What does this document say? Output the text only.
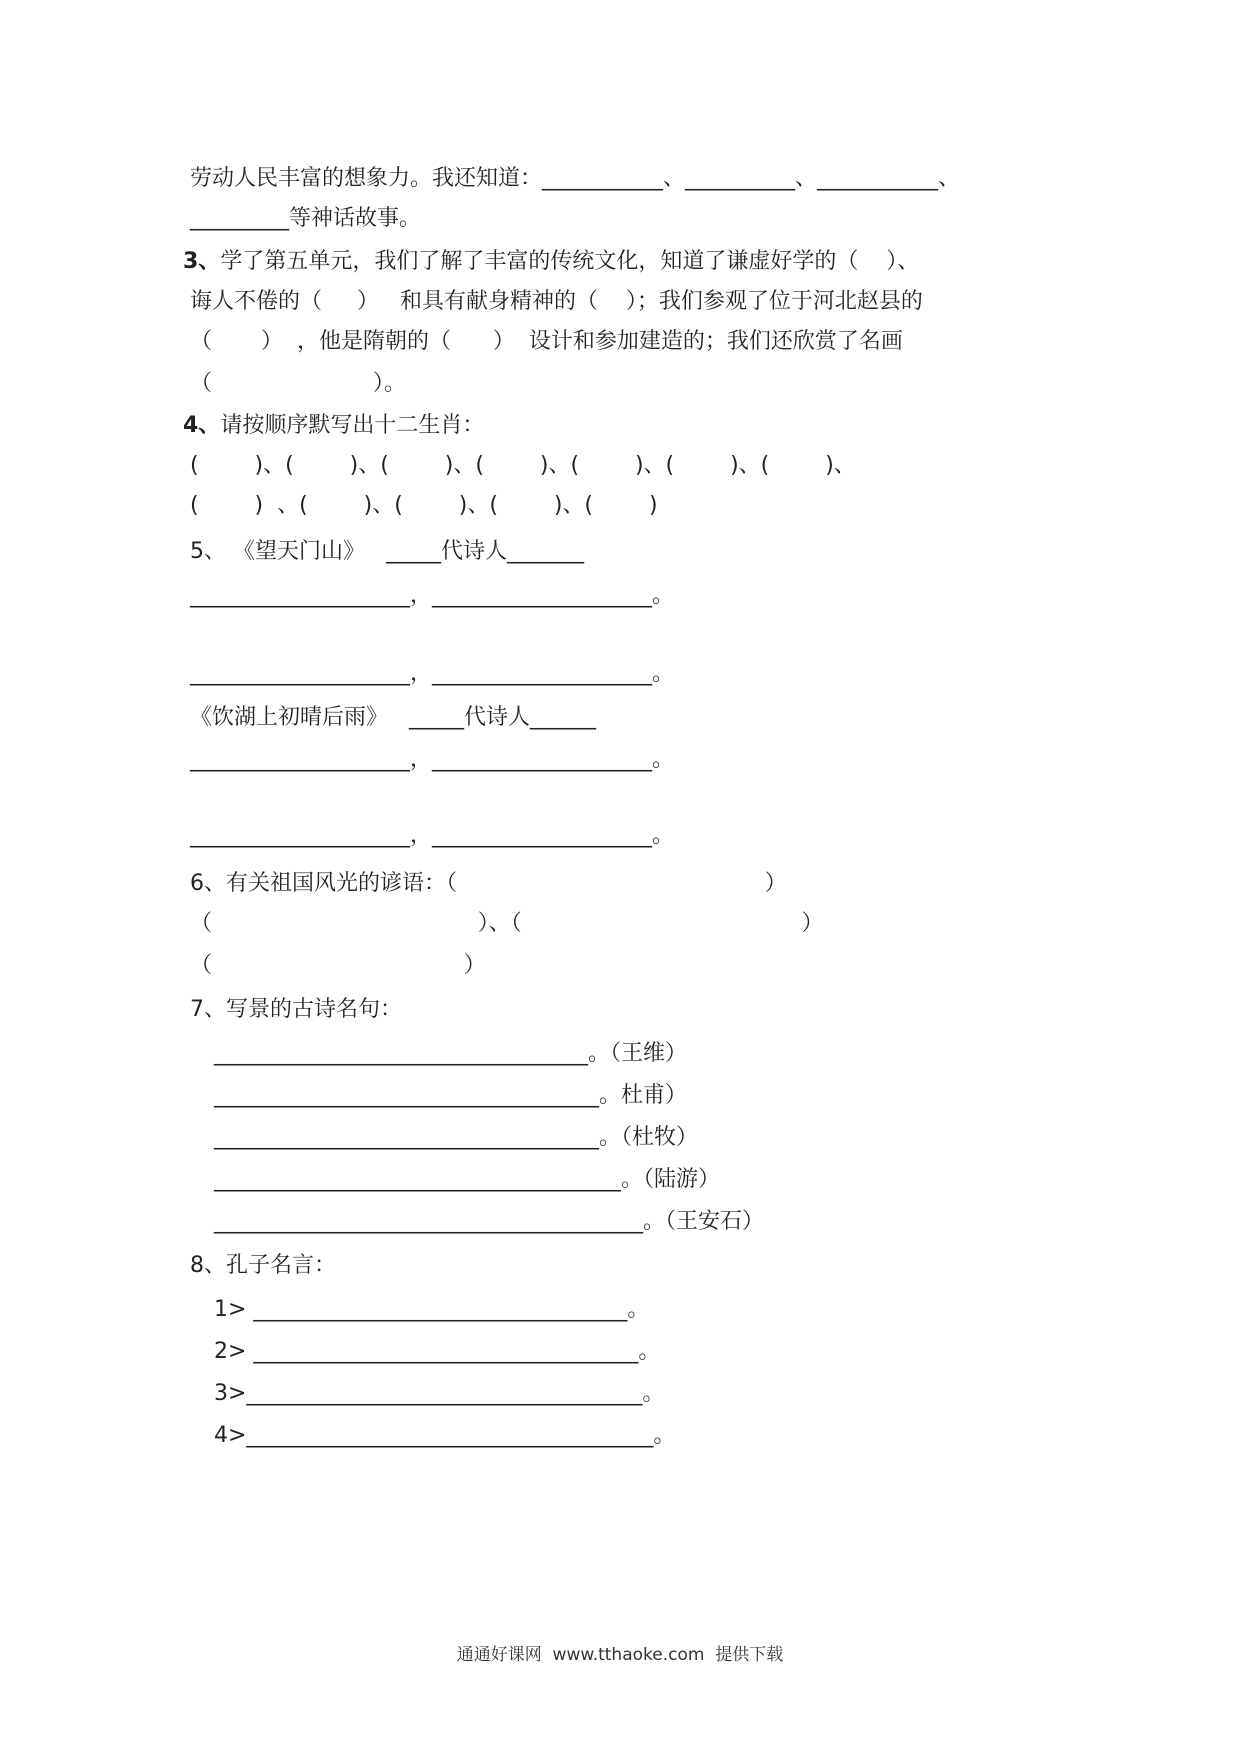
劳动人民丰富的想象力。我还知道：___________、__________、___________、
_________等神话故事。
3、学了第五单元，我们了解了丰富的传统文化，知道了谦虚好学的（    ）、
诲人不倦的（     ）   和具有献身精神的（    ）；我们参观了位于河北赵县的
（       ）  ，他是隋朝的（      ）  设计和参加建造的；我们还欣赏了名画
（                       ）。
4、请按顺序默写出十二生肖：
(        )、(        )、(        )、(        )、(        )、(        )、(        )、
(        )  、(        )、(        )、(        )、(        )
5、 《望天门山》   _____代诗人_______
____________________，____________________。
____________________，____________________。
《饮湖上初晴后雨》   _____代诗人______
____________________，____________________。
____________________，____________________。
6、有关祖国风光的谚语：（                                            ）
（                                      ）、（                                        ）
（                                    ）
7、写景的古诗名句：
__________________________________。（王维）
___________________________________。杜甫）
___________________________________。（杜牧）
_____________________________________。（陆游）
_______________________________________。（王安石）
8、孔子名言：
1> __________________________________。
2> ___________________________________。
3>____________________________________。
4>_____________________________________。
通通好课网  www.tthaoke.com  提供下载
